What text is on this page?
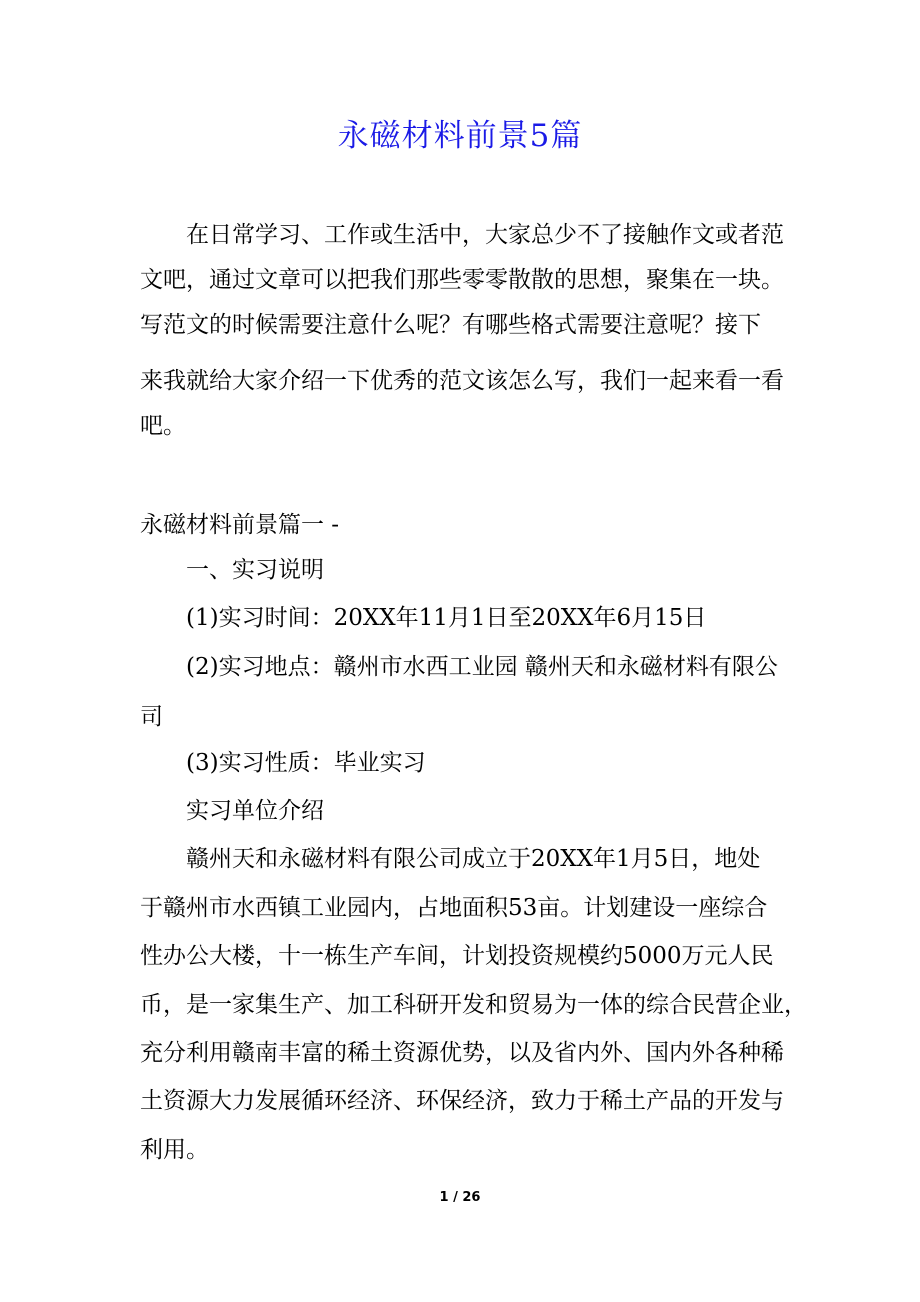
永磁材料前景5篇
在日常学习、工作或生活中，大家总少不了接触作文或者范
文吧，通过文章可以把我们那些零零散散的思想，聚集在一块。
写范文的时候需要注意什么呢？有哪些格式需要注意呢？接下
来我就给大家介绍一下优秀的范文该怎么写，我们一起来看一看
吧。
永磁材料前景篇一 -
一、实习说明
(1)实习时间：20XX年11月1日至20XX年6月15日
(2)实习地点：赣州市水西工业园 赣州天和永磁材料有限公
司
(3)实习性质：毕业实习
实习单位介绍
赣州天和永磁材料有限公司成立于20XX年1月5日，地处
于赣州市水西镇工业园内，占地面积53亩。计划建设一座综合
性办公大楼，十一栋生产车间，计划投资规模约5000万元人民
币，是一家集生产、加工科研开发和贸易为一体的综合民营企业，
充分利用赣南丰富的稀土资源优势，以及省内外、国内外各种稀
土资源大力发展循环经济、环保经济，致力于稀土产品的开发与
利用。
1 / 26
